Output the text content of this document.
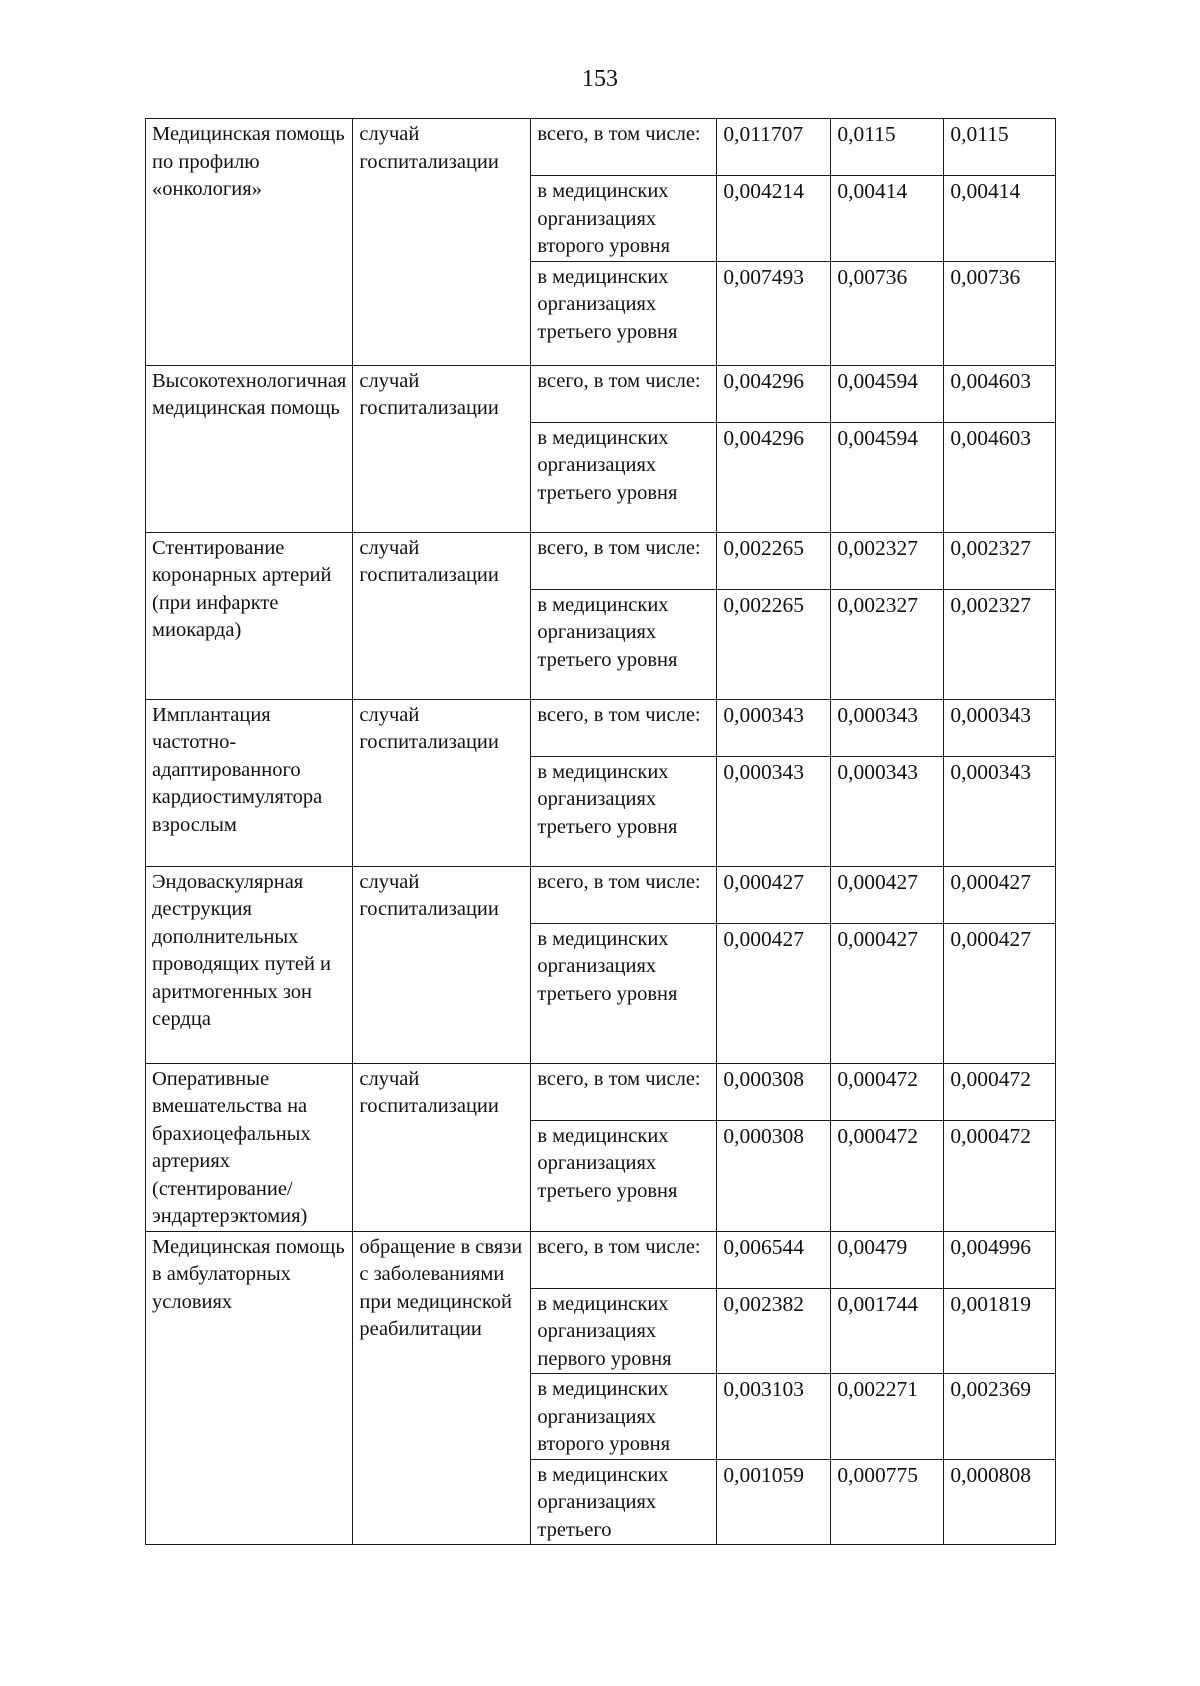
153
Медицинская помощь по профилю «онкология»	случай госпитализации	всего, в том числе:	0,011707	0,0115	0,0115
		в медицинских организациях второго уровня	0,004214	0,00414	0,00414
		в медицинских организациях третьего уровня	0,007493	0,00736	0,00736
Высокотехнологичная медицинская помощь	случай госпитализации	всего, в том числе:	0,004296	0,004594	0,004603
		в медицинских организациях третьего уровня	0,004296	0,004594	0,004603
Стентирование коронарных артерий (при инфаркте миокарда)	случай госпитализации	всего, в том числе:	0,002265	0,002327	0,002327
		в медицинских организациях третьего уровня	0,002265	0,002327	0,002327
Имплантация частотно-адаптированного кардиостимулятора взрослым	случай госпитализации	всего, в том числе:	0,000343	0,000343	0,000343
		в медицинских организациях третьего уровня	0,000343	0,000343	0,000343
Эндоваскулярная деструкция дополнительных проводящих путей и аритмогенных зон сердца	случай госпитализации	всего, в том числе:	0,000427	0,000427	0,000427
		в медицинских организациях третьего уровня	0,000427	0,000427	0,000427
Оперативные вмешательства на брахиоцефальных артериях (стентирование/эндартерэктомия)	случай госпитализации	всего, в том числе:	0,000308	0,000472	0,000472
		в медицинских организациях третьего уровня	0,000308	0,000472	0,000472
Медицинская помощь в амбулаторных условиях	обращение в связи с заболеваниями при медицинской реабилитации	всего, в том числе:	0,006544	0,00479	0,004996
		в медицинских организациях первого уровня	0,002382	0,001744	0,001819
		в медицинских организациях второго уровня	0,003103	0,002271	0,002369
		в медицинских организациях третьего	0,001059	0,000775	0,000808
